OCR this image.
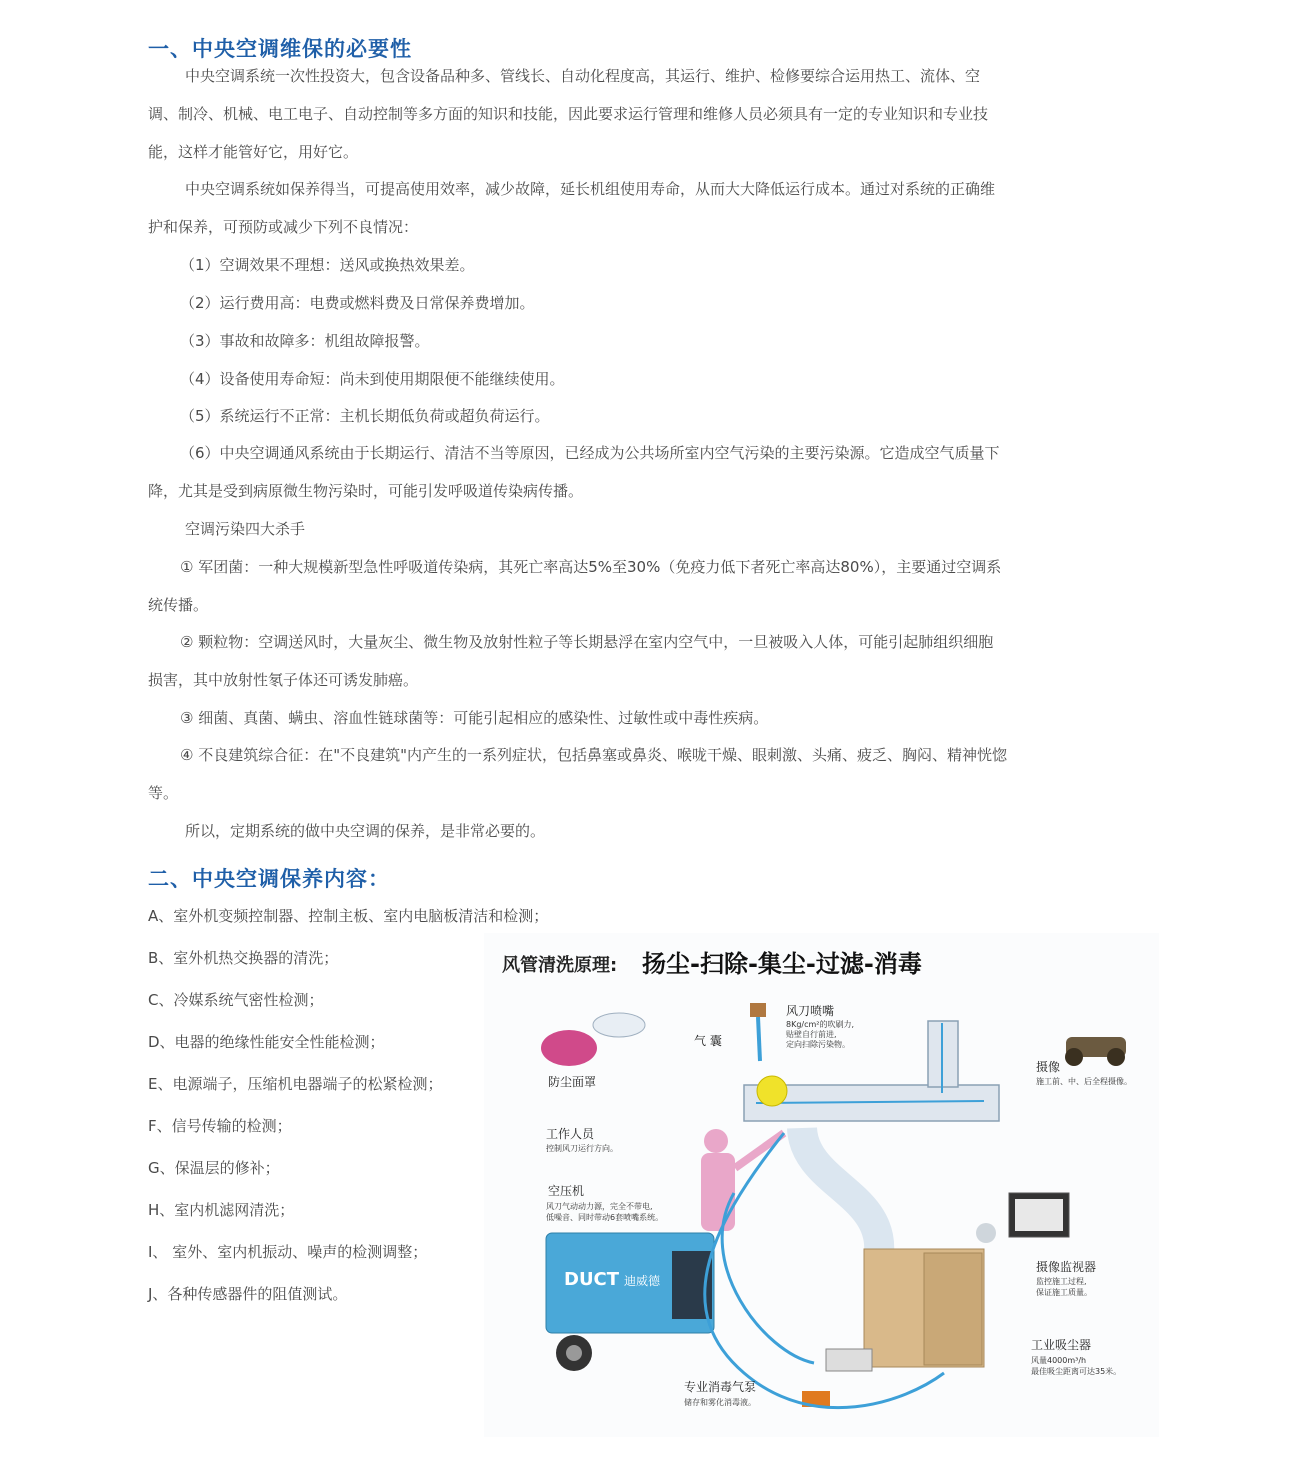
一、中央空调维保的必要性

中央空调系统一次性投资大，包含设备品种多、管线长、自动化程度高，其运行、维护、检修要综合运用热工、流体、空调、制冷、机械、电工电子、自动控制等多方面的知识和技能，因此要求运行管理和维修人员必须具有一定的专业知识和专业技能，这样才能管好它，用好它。

中央空调系统如保养得当，可提高使用效率，减少故障，延长机组使用寿命，从而大大降低运行成本。通过对系统的正确维护和保养，可预防或减少下列不良情况：

（1）空调效果不理想：送风或换热效果差。

（2）运行费用高：电费或燃料费及日常保养费增加。

（3）事故和故障多：机组故障报警。

（4）设备使用寿命短：尚未到使用期限便不能继续使用。

（5）系统运行不正常：主机长期低负荷或超负荷运行。

（6）中央空调通风系统由于长期运行、清洁不当等原因，已经成为公共场所室内空气污染的主要污染源。它造成空气质量下降，尤其是受到病原微生物污染时，可能引发呼吸道传染病传播。

空调污染四大杀手

① 军团菌：一种大规模新型急性呼吸道传染病，其死亡率高达5%至30%（免疫力低下者死亡率高达80%），主要通过空调系统传播。

② 颗粒物：空调送风时，大量灰尘、微生物及放射性粒子等长期悬浮在室内空气中，一旦被吸入人体，可能引起肺组织细胞损害，其中放射性氡子体还可诱发肺癌。

③ 细菌、真菌、螨虫、溶血性链球菌等：可能引起相应的感染性、过敏性或中毒性疾病。

④ 不良建筑综合征：在"不良建筑"内产生的一系列症状，包括鼻塞或鼻炎、喉咙干燥、眼刺激、头痛、疲乏、胸闷、精神恍惚等。

所以，定期系统的做中央空调的保养，是非常必要的。

二、中央空调保养内容：

A、室外机变频控制器、控制主板、室内电脑板清洁和检测；

B、室外机热交换器的清洗；

C、冷媒系统气密性检测；

D、电器的绝缘性能安全性能检测；

E、电源端子，压缩机电器端子的松紧检测；

F、信号传输的检测；

G、保温层的修补；

H、室内机滤网清洗；

I、 室外、室内机振动、噪声的检测调整；

J、各种传感器件的阻值测试。

风管清洗原理: 扬尘-扫除-集尘-过滤-消毒
DUCT 迪威德
风刀喷嘴
8Kg/cm²的吹刷力,
贴壁自行前进,
定向扫除污染物。
气 囊
防尘面罩
摄像
施工前、中、后全程摄像。
工作人员
控制风刀运行方向。
空压机
风刀气动动力源，完全不带电,
低噪音、同时带动6套喷嘴系统。
摄像监视器
监控施工过程,
保证施工质量。
工业吸尘器
风量4000m³/h
最佳吸尘距离可达35米。
专业消毒气泵
储存和雾化消毒液。
